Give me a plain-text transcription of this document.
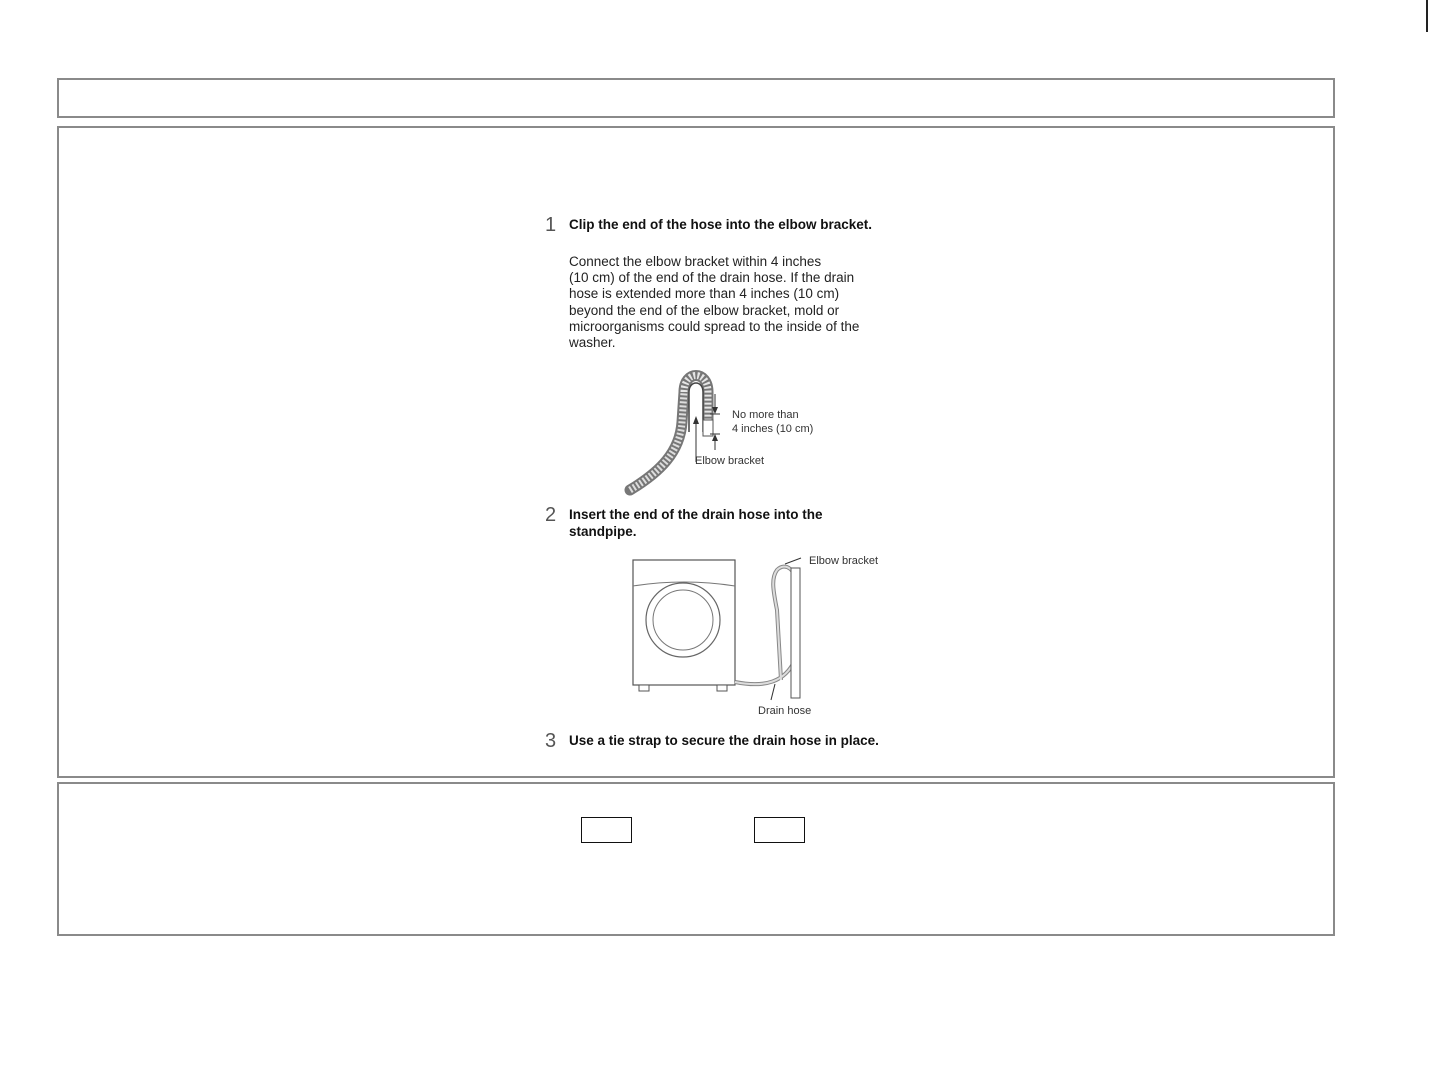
1 Clip the end of the hose into the elbow bracket.
Connect the elbow bracket within 4 inches
(10 cm) of the end of the drain hose. If the drain
hose is extended more than 4 inches (10 cm)
beyond the end of the elbow bracket, mold or
microorganisms could spread to the inside of the
washer.
No more than
4 inches (10 cm)
Elbow bracket
2 Insert the end of the drain hose into the standpipe.
Elbow bracket
Drain hose
3 Use a tie strap to secure the drain hose in place.
